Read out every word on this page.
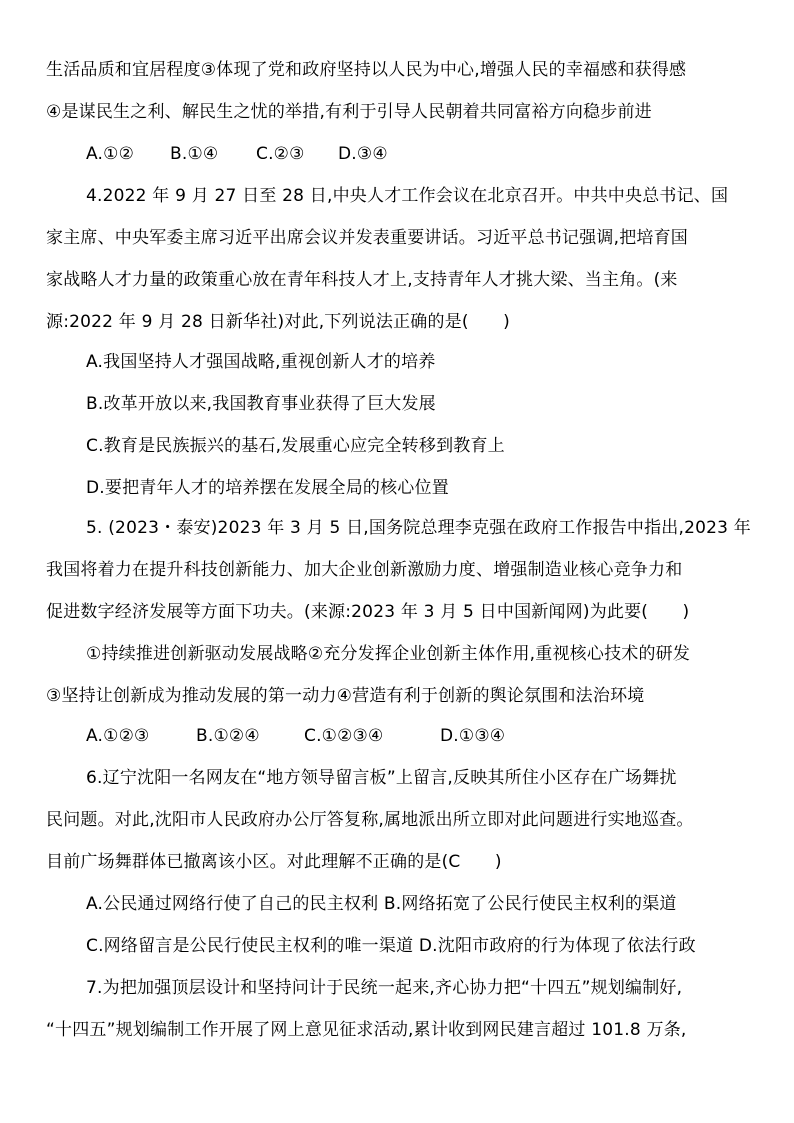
生活品质和宜居程度③体现了党和政府坚持以人民为中心,增强人民的幸福感和获得感
④是谋民生之利、解民生之忧的举措,有利于引导人民朝着共同富裕方向稳步前进
A.①②	B.①④	C.②③	D.③④
4.2022 年 9 月 27 日至 28 日,中央人才工作会议在北京召开。中共中央总书记、国
家主席、中央军委主席习近平出席会议并发表重要讲话。习近平总书记强调,把培育国
家战略人才力量的政策重心放在青年科技人才上,支持青年人才挑大梁、当主角。(来
源:2022 年 9 月 28 日新华社)对此,下列说法正确的是(　　)
A.我国坚持人才强国战略,重视创新人才的培养
B.改革开放以来,我国教育事业获得了巨大发展
C.教育是民族振兴的基石,发展重心应完全转移到教育上
D.要把青年人才的培养摆在发展全局的核心位置
5. (2023・泰安)2023 年 3 月 5 日,国务院总理李克强在政府工作报告中指出,2023 年
我国将着力在提升科技创新能力、加大企业创新激励力度、增强制造业核心竞争力和
促进数字经济发展等方面下功夫。(来源:2023 年 3 月 5 日中国新闻网)为此要(　　)
①持续推进创新驱动发展战略②充分发挥企业创新主体作用,重视核心技术的研发
③坚持让创新成为推动发展的第一动力④营造有利于创新的舆论氛围和法治环境
A.①②③	B.①②④	C.①②③④	D.①③④
6.辽宁沈阳一名网友在“地方领导留言板”上留言,反映其所住小区存在广场舞扰
民问题。对此,沈阳市人民政府办公厅答复称,属地派出所立即对此问题进行实地巡查。
目前广场舞群体已撤离该小区。对此理解不正确的是(C　　)
A.公民通过网络行使了自己的民主权利 B.网络拓宽了公民行使民主权利的渠道
C.网络留言是公民行使民主权利的唯一渠道 D.沈阳市政府的行为体现了依法行政
7.为把加强顶层设计和坚持问计于民统一起来,齐心协力把“十四五”规划编制好,
“十四五”规划编制工作开展了网上意见征求活动,累计收到网民建言超过 101.8 万条,
